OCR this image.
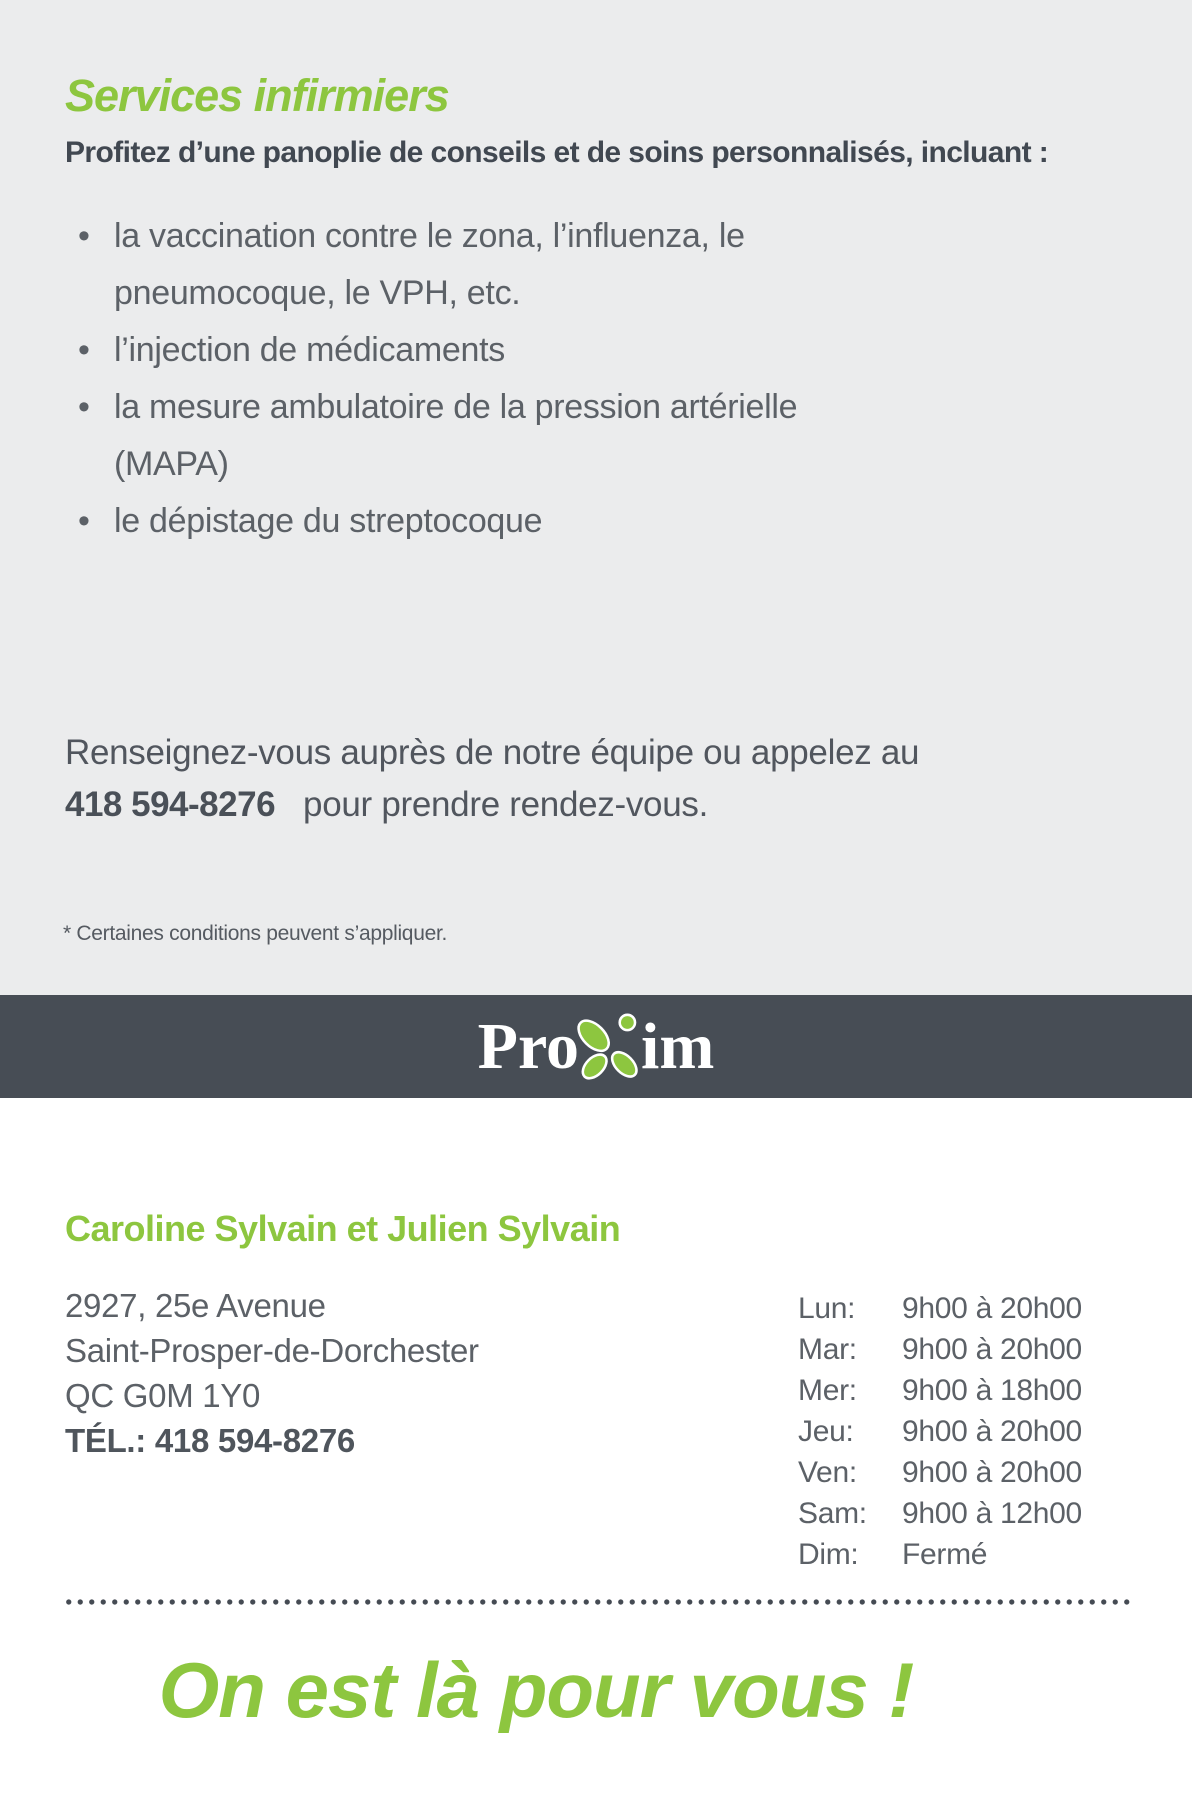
Services infirmiers

Profitez d’une panoplie de conseils et de soins personnalisés, incluant :

• la vaccination contre le zona, l’influenza, le pneumocoque, le VPH, etc.
• l’injection de médicaments
• la mesure ambulatoire de la pression artérielle (MAPA)
• le dépistage du streptocoque

Renseignez-vous auprès de notre équipe ou appelez au
418 594-8276 pour prendre rendez-vous.

* Certaines conditions peuvent s’appliquer.

Pro im
Caroline Sylvain et Julien Sylvain

2927, 25e Avenue
Saint-Prosper-de-Dorchester
QC G0M 1Y0
TÉL.: 418 594-8276

Lun:	9h00 à 20h00
Mar:	9h00 à 20h00
Mer:	9h00 à 18h00
Jeu:	9h00 à 20h00
Ven:	9h00 à 20h00
Sam:	9h00 à 12h00
Dim:	Fermé

On est là pour vous !
